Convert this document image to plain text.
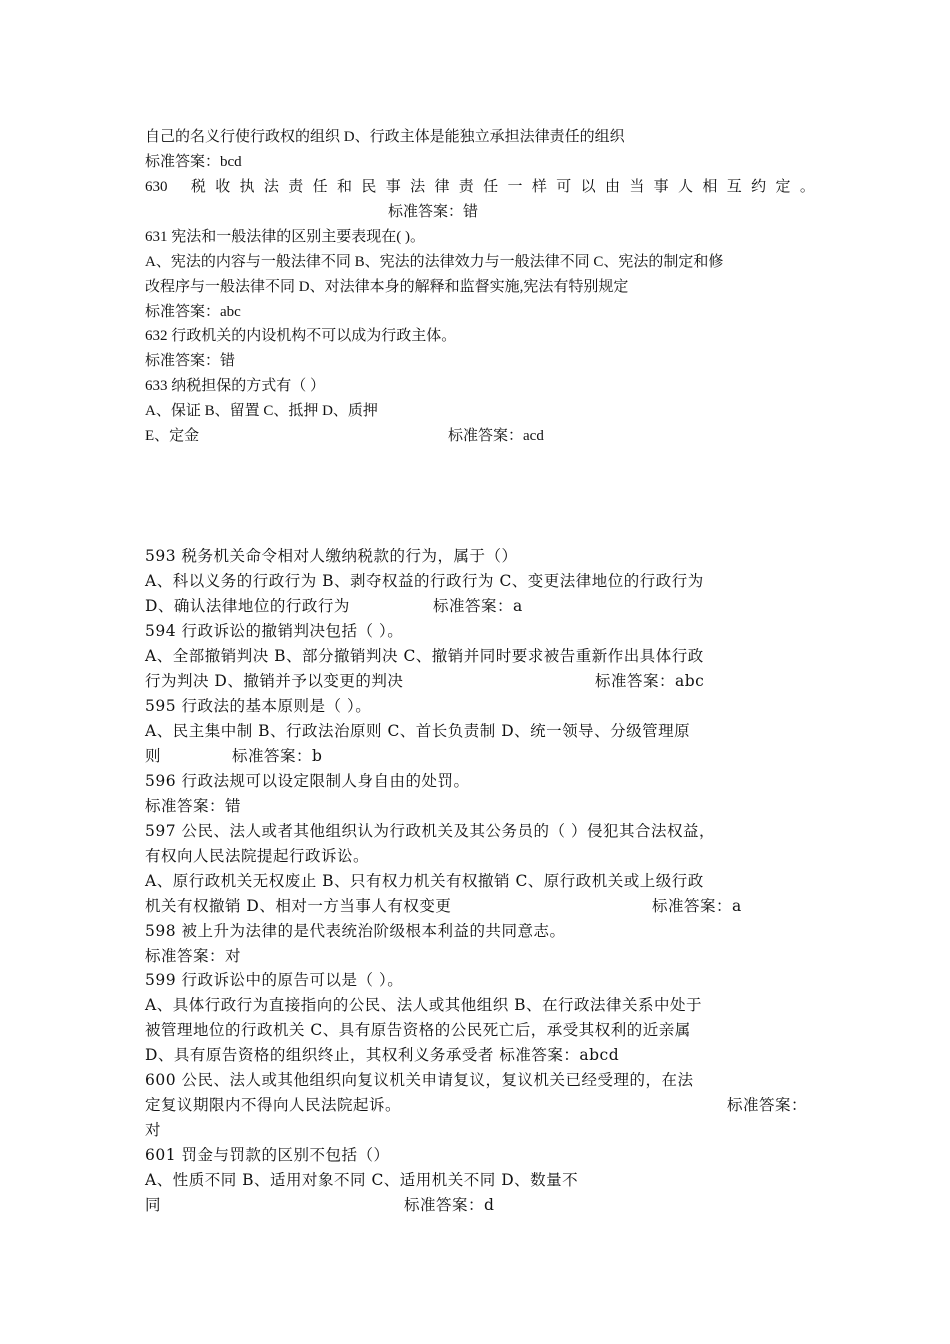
自己的名义行使行政权的组织 D、行政主体是能独立承担法律责任的组织
标准答案：bcd
630 税 收 执 法 责 任 和 民 事 法 律 责 任 一 样 可 以 由 当 事 人 相 互 约 定 。
标准答案：错
631 宪法和一般法律的区别主要表现在( )。
A、宪法的内容与一般法律不同 B、宪法的法律效力与一般法律不同 C、宪法的制定和修
改程序与一般法律不同 D、对法律本身的解释和监督实施,宪法有特别规定
标准答案：abc
632 行政机关的内设机构不可以成为行政主体。
标准答案：错
633 纳税担保的方式有（ ）
A、保证 B、留置 C、抵押 D、质押
E、定金	标准答案：acd
593 税务机关命令相对人缴纳税款的行为，属于（）
A、科以义务的行政行为 B、剥夺权益的行政行为 C、变更法律地位的行政行为
D、确认法律地位的行政行为	标准答案：a
594 行政诉讼的撤销判决包括（ ）。
A、全部撤销判决 B、部分撤销判决 C、撤销并同时要求被告重新作出具体行政
行为判决 D、撤销并予以变更的判决	标准答案：abc
595 行政法的基本原则是（ ）。
A、民主集中制 B、行政法治原则 C、首长负责制 D、统一领导、分级管理原
则	标准答案：b
596 行政法规可以设定限制人身自由的处罚。
标准答案：错
597 公民、法人或者其他组织认为行政机关及其公务员的（ ）侵犯其合法权益，
有权向人民法院提起行政诉讼。
A、原行政机关无权废止 B、只有权力机关有权撤销 C、原行政机关或上级行政
机关有权撤销 D、相对一方当事人有权变更	标准答案：a
598 被上升为法律的是代表统治阶级根本利益的共同意志。
标准答案：对
599 行政诉讼中的原告可以是（ ）。
A、具体行政行为直接指向的公民、法人或其他组织 B、在行政法律关系中处于
被管理地位的行政机关 C、具有原告资格的公民死亡后，承受其权利的近亲属
D、具有原告资格的组织终止，其权利义务承受者 标准答案：abcd
600 公民、法人或其他组织向复议机关申请复议，复议机关已经受理的，在法
定复议期限内不得向人民法院起诉。	标准答案：
对
601 罚金与罚款的区别不包括（）
A、性质不同 B、适用对象不同 C、适用机关不同 D、数量不
同	标准答案：d
